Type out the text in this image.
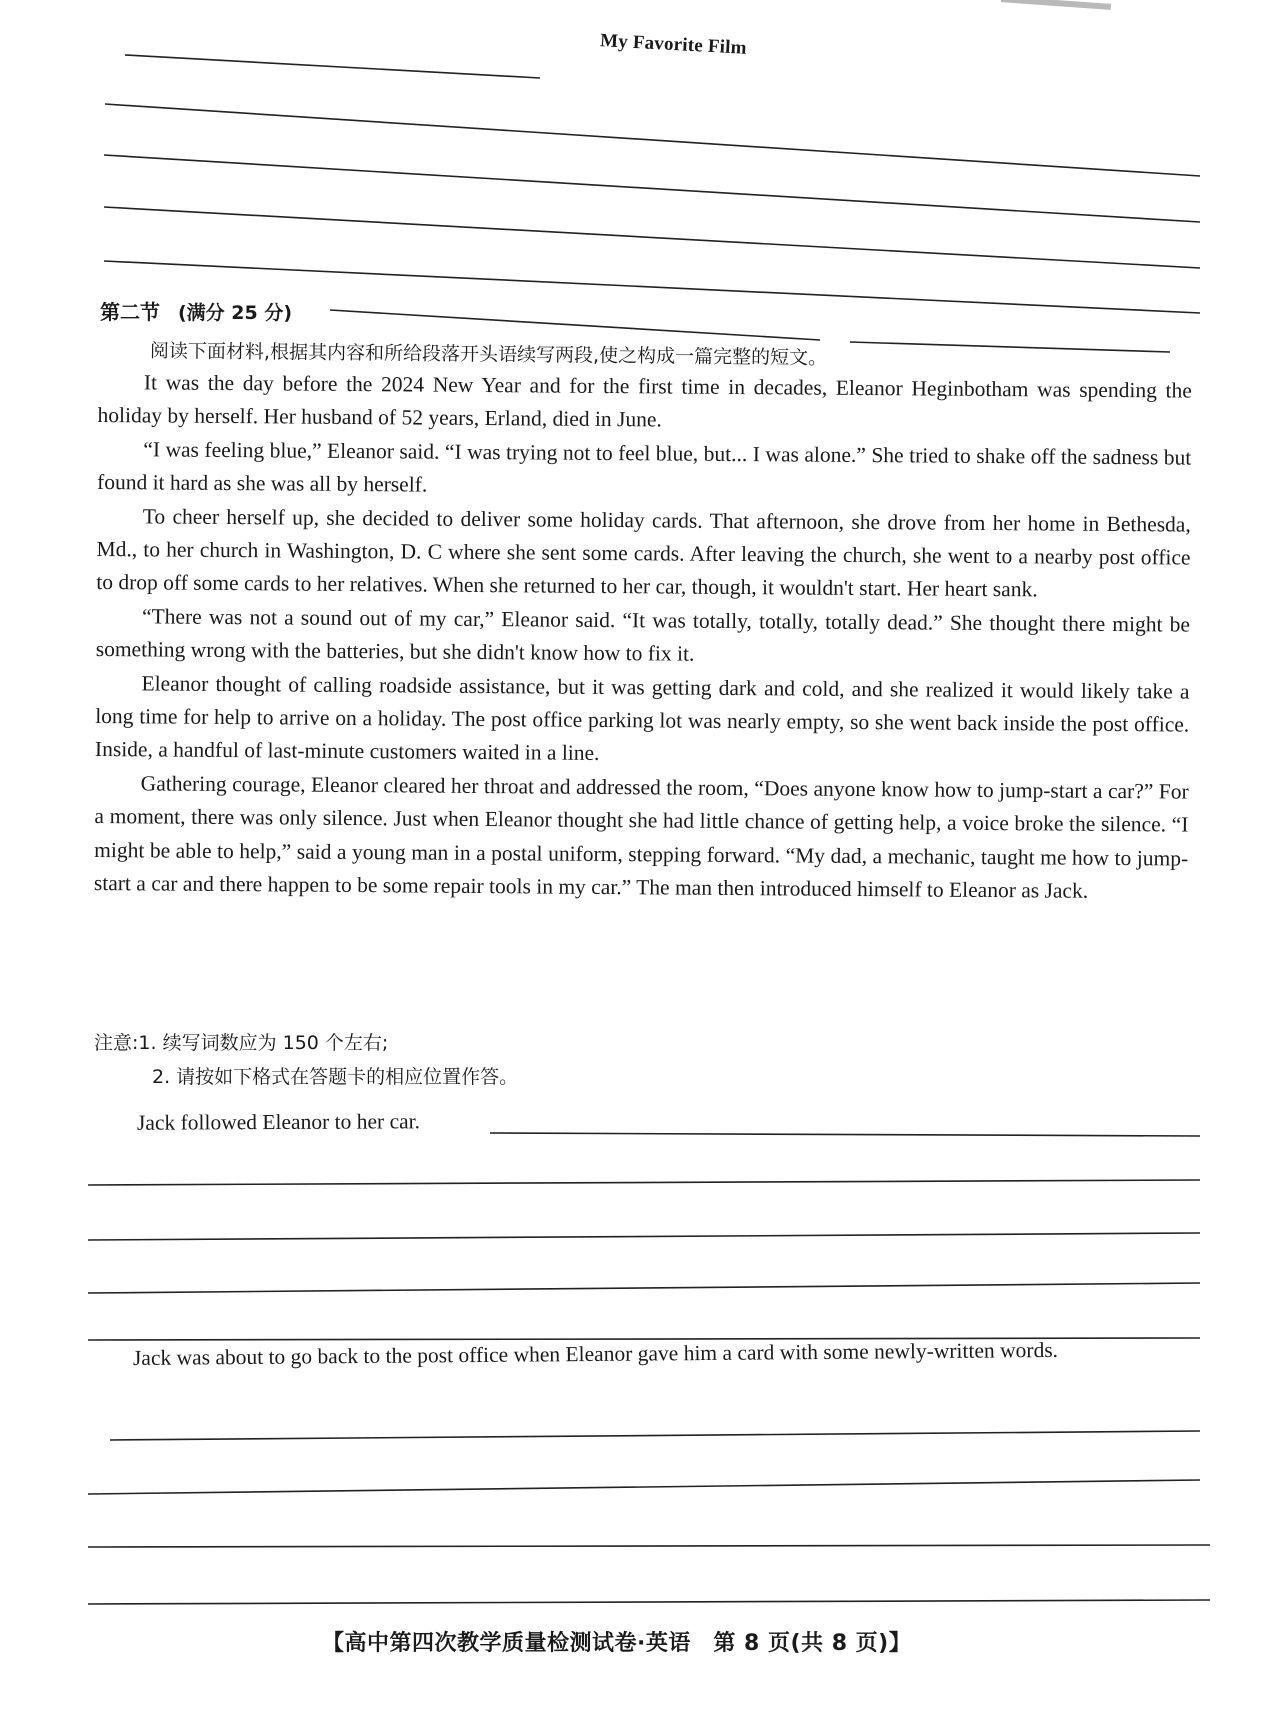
My Favorite Film
第二节 (满分 25 分)
阅读下面材料,根据其内容和所给段落开头语续写两段,使之构成一篇完整的短文。

It was the day before the 2024 New Year and for the first time in decades, Eleanor Heginbotham was spending the holiday by herself. Her husband of 52 years, Erland, died in June.

“I was feeling blue,” Eleanor said. “I was trying not to feel blue, but... I was alone.” She tried to shake off the sadness but found it hard as she was all by herself.

To cheer herself up, she decided to deliver some holiday cards. That afternoon, she drove from her home in Bethesda, Md., to her church in Washington, D. C where she sent some cards. After leaving the church, she went to a nearby post office to drop off some cards to her relatives. When she returned to her car, though, it wouldn't start. Her heart sank.

“There was not a sound out of my car,” Eleanor said. “It was totally, totally, totally dead.” She thought there might be something wrong with the batteries, but she didn't know how to fix it.

Eleanor thought of calling roadside assistance, but it was getting dark and cold, and she realized it would likely take a long time for help to arrive on a holiday. The post office parking lot was nearly empty, so she went back inside the post office. Inside, a handful of last-minute customers waited in a line.

Gathering courage, Eleanor cleared her throat and addressed the room, “Does anyone know how to jump-start a car?” For a moment, there was only silence. Just when Eleanor thought she had little chance of getting help, a voice broke the silence. “I might be able to help,” said a young man in a postal uniform, stepping forward. “My dad, a mechanic, taught me how to jump-start a car and there happen to be some repair tools in my car.” The man then introduced himself to Eleanor as Jack.

注意:1. 续写词数应为 150 个左右;
2. 请按如下格式在答题卡的相应位置作答。
Jack followed Eleanor to her car.
Jack was about to go back to the post office when Eleanor gave him a card with some newly-written words.
【高中第四次教学质量检测试卷·英语　第 8 页(共 8 页)】
